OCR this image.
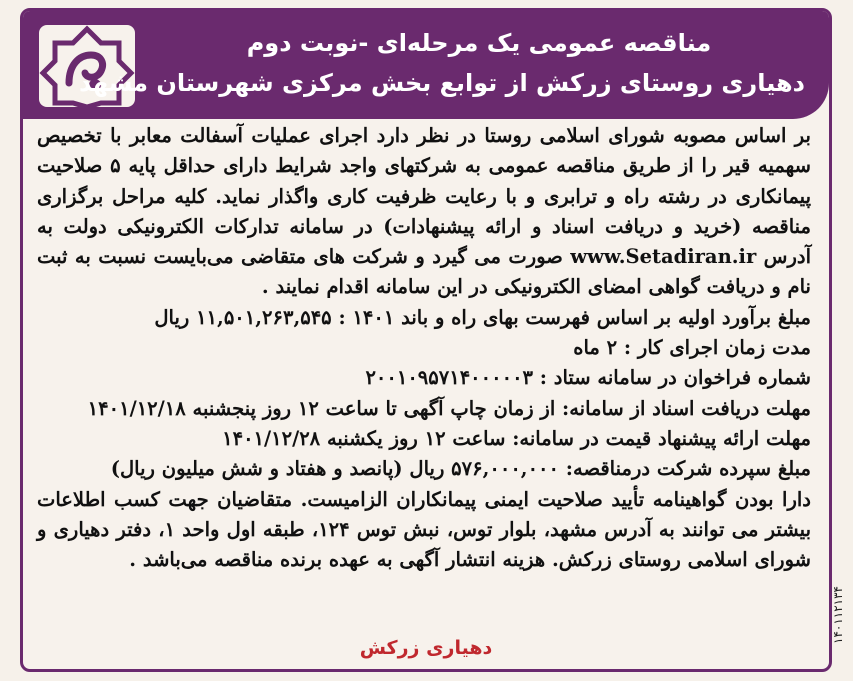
مناقصه عمومی یک مرحله‌ای -نوبت دوم
دهیاری روستای زرکش از توابع بخش مرکزی شهرستان مشهد

بر اساس مصوبه شورای اسلامی روستا در نظر دارد اجرای عملیات آسفالت معابر با تخصیص سهمیه قیر را از طریق مناقصه عمومی به شرکتهای واجد شرایط دارای حداقل پایه ۵ صلاحیت پیمانکاری در رشته راه و ترابری و با رعایت ظرفیت کاری واگذار نماید. کلیه مراحل برگزاری مناقصه (خرید و دریافت اسناد و ارائه پیشنهادات) در سامانه تدارکات الکترونیکی دولت به آدرس www.Setadiran.ir صورت می گیرد و شرکت های متقاضی می‌بایست نسبت به ثبت نام و دریافت گواهی امضای الکترونیکی در این سامانه اقدام نمایند .

مبلغ برآورد اولیه بر اساس فهرست بهای راه و باند ۱۴۰۱ : ۱۱,۵۰۱,۲۶۳,۵۴۵ ریال

مدت زمان اجرای کار : ۲ ماه

شماره فراخوان در سامانه ستاد : ۲۰۰۱۰۹۵۷۱۴۰۰۰۰۰۳

مهلت دریافت اسناد از سامانه: از زمان چاپ آگهی تا ساعت ۱۲ روز پنجشنبه ۱۴۰۱/۱۲/۱۸

مهلت ارائه پیشنهاد قیمت در سامانه: ساعت ۱۲ روز یکشنبه ۱۴۰۱/۱۲/۲۸

مبلغ سپرده شرکت درمناقصه: ۵۷۶,۰۰۰,۰۰۰ ریال (پانصد و هفتاد و شش میلیون ریال)

دارا بودن گواهینامه تأیید صلاحیت ایمنی پیمانکاران الزامیست. متقاضیان جهت کسب اطلاعات بیشتر می توانند به آدرس مشهد، بلوار توس، نبش توس ۱۲۴، طبقه اول واحد ۱، دفتر دهیاری و شورای اسلامی روستای زرکش. هزینه انتشار آگهی به عهده برنده مناقصه می‌باشد .

دهیاری زرکش
۱۴۰۱۱۲۱۳۴
